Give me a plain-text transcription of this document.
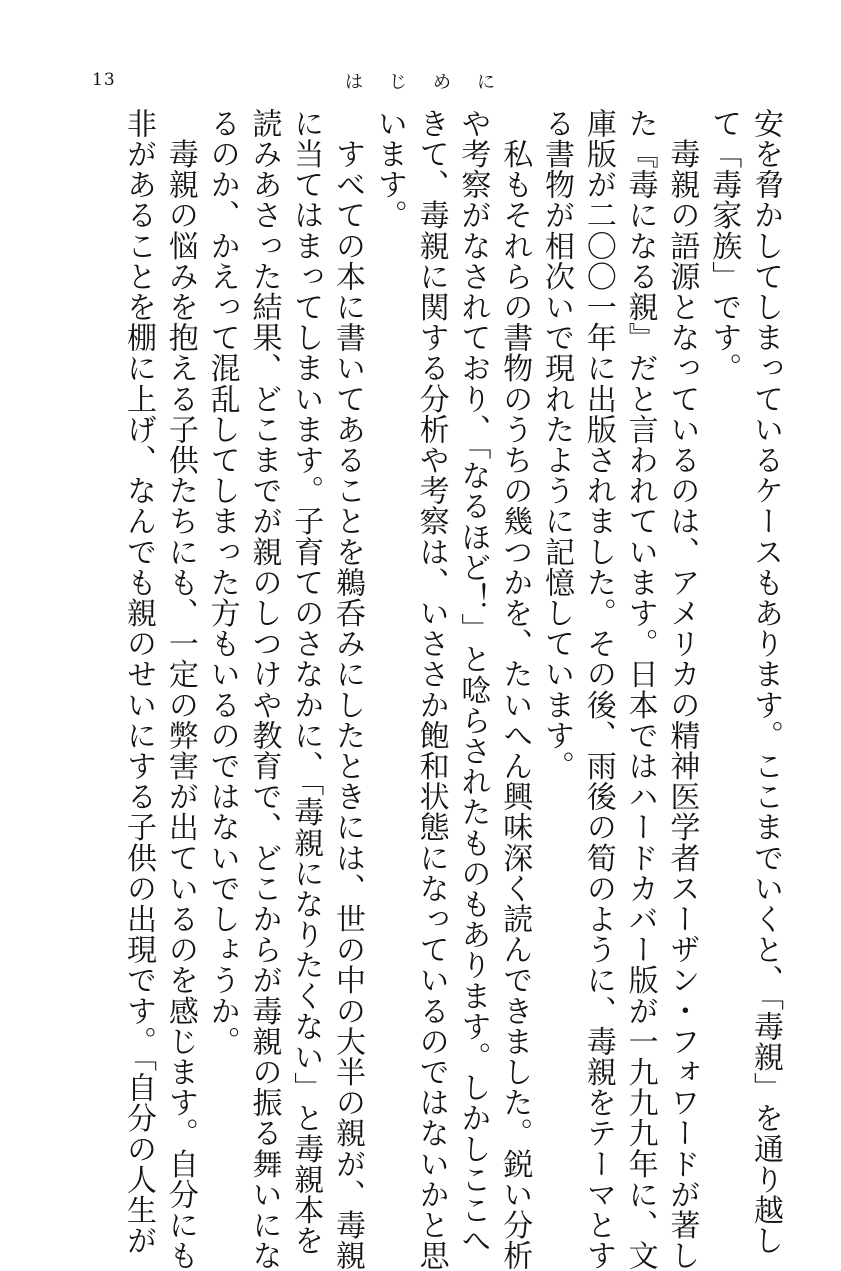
13	はじめに
安を脅かしてしまっているケースもあります。ここまでいくと、「毒親」を通り越し
て「毒家族」です。
　毒親の語源となっているのは、アメリカの精神医学者スーザン・フォワードが著し
た『毒になる親』だと言われています。日本ではハードカバー版が一九九九年に、文
庫版が二〇〇一年に出版されました。その後、雨後の筍のように、毒親をテーマとす
る書物が相次いで現れたように記憶しています。
　私もそれらの書物のうちの幾つかを、たいへん興味深く読んできました。鋭い分析
や考察がなされており、「なるほど！」と唸らされたものもあります。しかしここへ
きて、毒親に関する分析や考察は、いささか飽和状態になっているのではないかと思
います。
　すべての本に書いてあることを鵜呑みにしたときには、世の中の大半の親が、毒親
に当てはまってしまいます。子育てのさなかに、「毒親になりたくない」と毒親本を
読みあさった結果、どこまでが親のしつけや教育で、どこからが毒親の振る舞いにな
るのか、かえって混乱してしまった方もいるのではないでしょうか。
　毒親の悩みを抱える子供たちにも、一定の弊害が出ているのを感じます。自分にも
非があることを棚に上げ、なんでも親のせいにする子供の出現です。「自分の人生が
